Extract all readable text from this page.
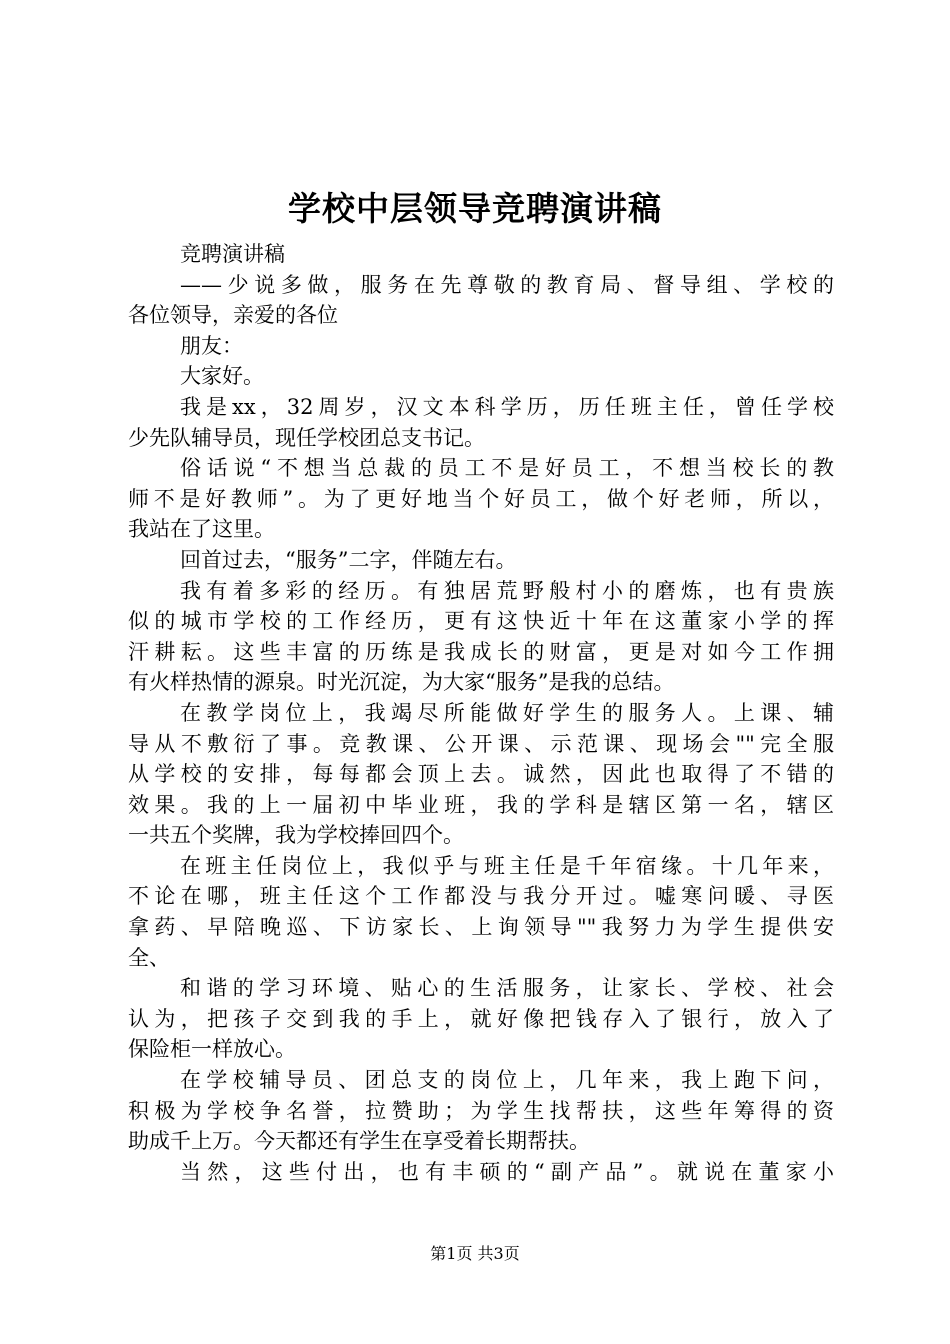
学校中层领导竞聘演讲稿
竞聘演讲稿
——少说多做，服务在先尊敬的教育局、督导组、学校的
各位领导，亲爱的各位
朋友：
大家好。
我是xx，32周岁，汉文本科学历，历任班主任，曾任学校
少先队辅导员，现任学校团总支书记。
俗话说“不想当总裁的员工不是好员工，不想当校长的教
师不是好教师”。为了更好地当个好员工，做个好老师，所以，
我站在了这里。
回首过去，“服务”二字，伴随左右。
我有着多彩的经历。有独居荒野般村小的磨炼，也有贵族
似的城市学校的工作经历，更有这快近十年在这董家小学的挥
汗耕耘。这些丰富的历练是我成长的财富，更是对如今工作拥
有火样热情的源泉。时光沉淀，为大家“服务”是我的总结。
在教学岗位上，我竭尽所能做好学生的服务人。上课、辅
导从不敷衍了事。竞教课、公开课、示范课、现场会""完全服
从学校的安排，每每都会顶上去。诚然，因此也取得了不错的
效果。我的上一届初中毕业班，我的学科是辖区第一名，辖区
一共五个奖牌，我为学校捧回四个。
在班主任岗位上，我似乎与班主任是千年宿缘。十几年来，
不论在哪，班主任这个工作都没与我分开过。嘘寒问暖、寻医
拿药、早陪晚巡、下访家长、上询领导""我努力为学生提供安
全、
和谐的学习环境、贴心的生活服务，让家长、学校、社会
认为，把孩子交到我的手上，就好像把钱存入了银行，放入了
保险柜一样放心。
在学校辅导员、团总支的岗位上，几年来，我上跑下问，
积极为学校争名誉，拉赞助；为学生找帮扶，这些年筹得的资
助成千上万。今天都还有学生在享受着长期帮扶。
当然，这些付出，也有丰硕的“副产品”。就说在董家小
第1页 共3页
